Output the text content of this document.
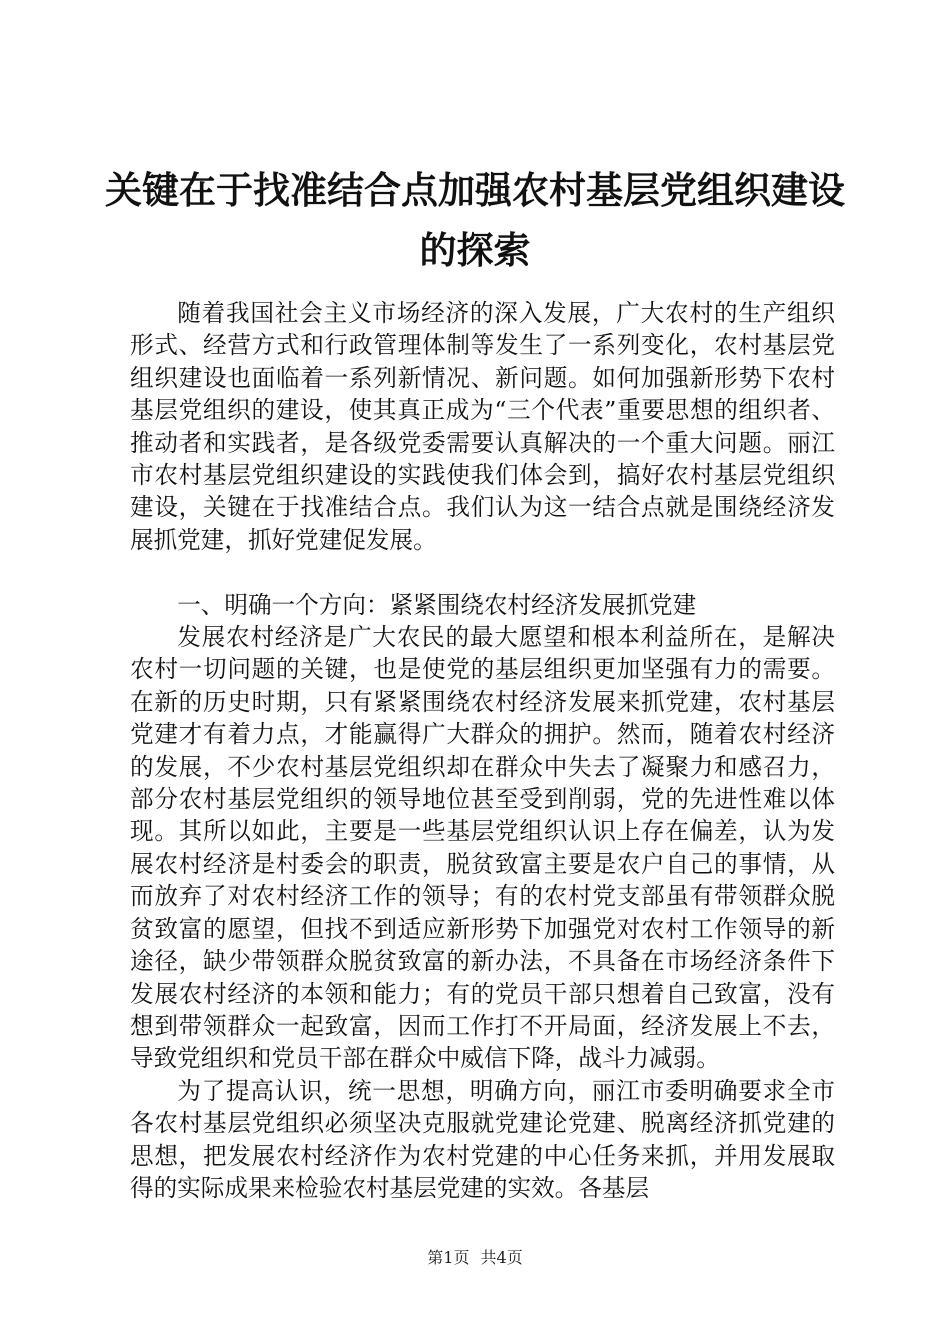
关键在于找准结合点加强农村基层党组织建设
的探索

随着我国社会主义市场经济的深入发展，广大农村的生产组织形式、经营方式和行政管理体制等发生了一系列变化，农村基层党组织建设也面临着一系列新情况、新问题。如何加强新形势下农村基层党组织的建设，使其真正成为“三个代表”重要思想的组织者、推动者和实践者，是各级党委需要认真解决的一个重大问题。丽江市农村基层党组织建设的实践使我们体会到，搞好农村基层党组织建设，关键在于找准结合点。我们认为这一结合点就是围绕经济发展抓党建，抓好党建促发展。

一、明确一个方向：紧紧围绕农村经济发展抓党建

发展农村经济是广大农民的最大愿望和根本利益所在，是解决农村一切问题的关键，也是使党的基层组织更加坚强有力的需要。在新的历史时期，只有紧紧围绕农村经济发展来抓党建，农村基层党建才有着力点，才能赢得广大群众的拥护。然而，随着农村经济的发展，不少农村基层党组织却在群众中失去了凝聚力和感召力，部分农村基层党组织的领导地位甚至受到削弱，党的先进性难以体现。其所以如此，主要是一些基层党组织认识上存在偏差，认为发展农村经济是村委会的职责，脱贫致富主要是农户自己的事情，从而放弃了对农村经济工作的领导；有的农村党支部虽有带领群众脱贫致富的愿望，但找不到适应新形势下加强党对农村工作领导的新途径，缺少带领群众脱贫致富的新办法，不具备在市场经济条件下发展农村经济的本领和能力；有的党员干部只想着自己致富，没有想到带领群众一起致富，因而工作打不开局面，经济发展上不去，导致党组织和党员干部在群众中威信下降，战斗力减弱。

为了提高认识，统一思想，明确方向，丽江市委明确要求全市各农村基层党组织必须坚决克服就党建论党建、脱离经济抓党建的思想，把发展农村经济作为农村党建的中心任务来抓，并用发展取得的实际成果来检验农村基层党建的实效。各基层

第1页 共4页
